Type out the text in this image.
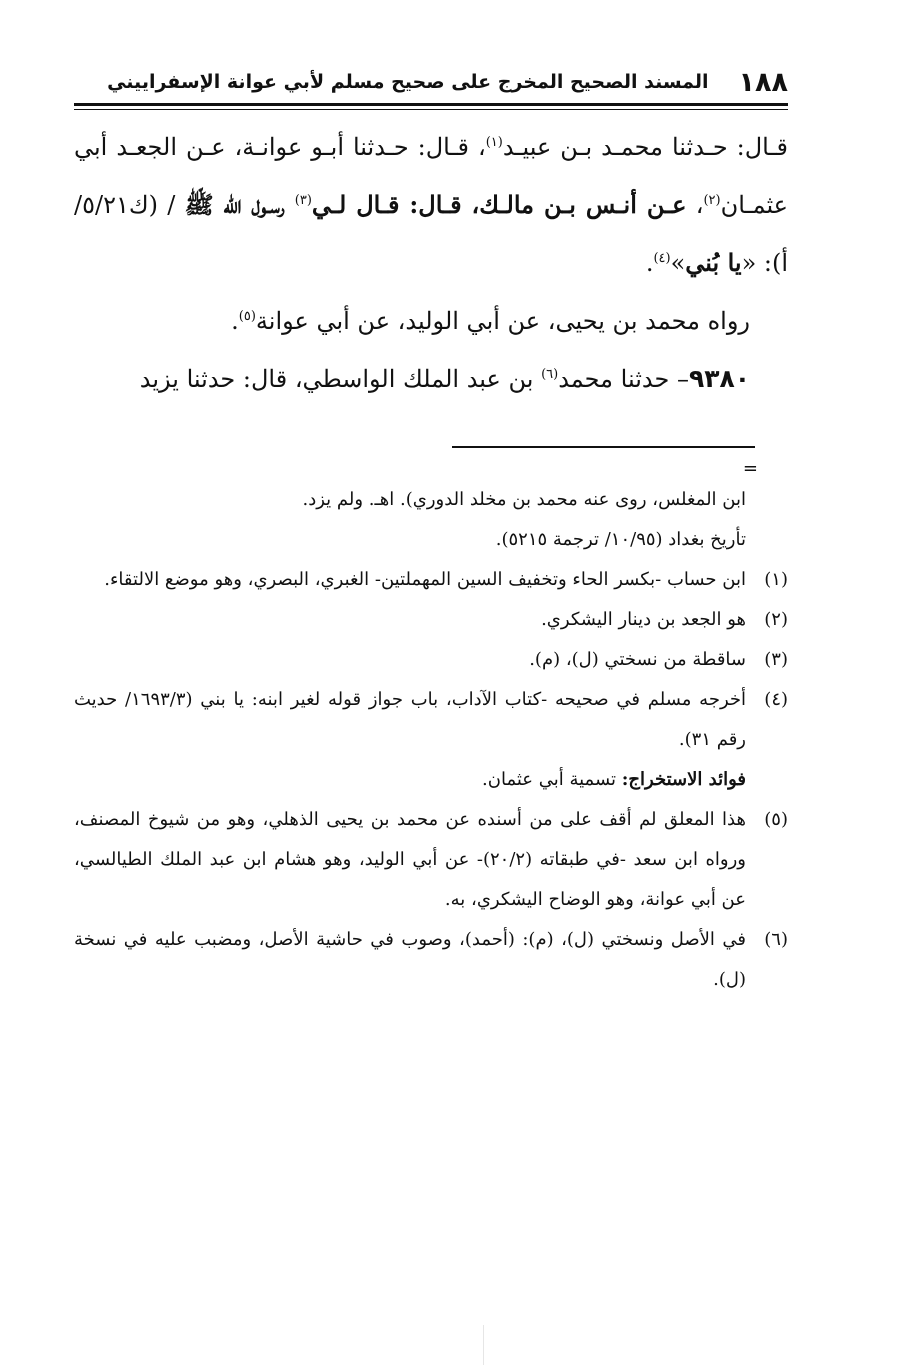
١٨٨
المسند الصحيح المخرج على صحيح مسلم لأبي عوانة الإسفراييني

قـال: حـدثنا محمـد بـن عبيـد$^{(١)}$، قـال: حـدثنا أبـو عوانـة، عـن الجعـد أبي عثمـان$^{(٢)}$، عـن أنـس بـن مالـك، قـال: قـال لـي$^{(٣)}$ رسـول الله ﷺ / (ك٥/٢١/أ): «يا بُني»$^{(٤)}$.

رواه محمد بن يحيى، عن أبي الوليد، عن أبي عوانة$^{(٥)}$.

٩٣٨٠– حدثنا محمد$^{(٦)}$ بن عبد الملك الواسطي، قال: حدثنا يزيد

=

ابن المغلس، روى عنه محمد بن مخلد الدوري). اهـ. ولم يزد.

تأريخ بغداد (١٠/٩٥/ ترجمة ٥٢١٥).

(١)ابن حساب -بكسر الحاء وتخفيف السين المهملتين- الغبري، البصري، وهو موضع الالتقاء.

(٢)هو الجعد بن دينار اليشكري.

(٣)ساقطة من نسختي (ل)، (م).

(٤)أخرجه مسلم في صحيحه -كتاب الآداب، باب جواز قوله لغير ابنه: يا بني (١٦٩٣/٣/ حديث رقم ٣١).

فوائد الاستخراج: تسمية أبي عثمان.

(٥)هذا المعلق لم أقف على من أسنده عن محمد بن يحيى الذهلي، وهو من شيوخ المصنف، ورواه ابن سعد -في طبقاته (٢٠/٢)- عن أبي الوليد، وهو هشام ابن عبد الملك الطيالسي، عن أبي عوانة، وهو الوضاح اليشكري، به.

(٦)في الأصل ونسختي (ل)، (م): (أحمد)، وصوب في حاشية الأصل، ومضبب عليه في نسخة (ل).
